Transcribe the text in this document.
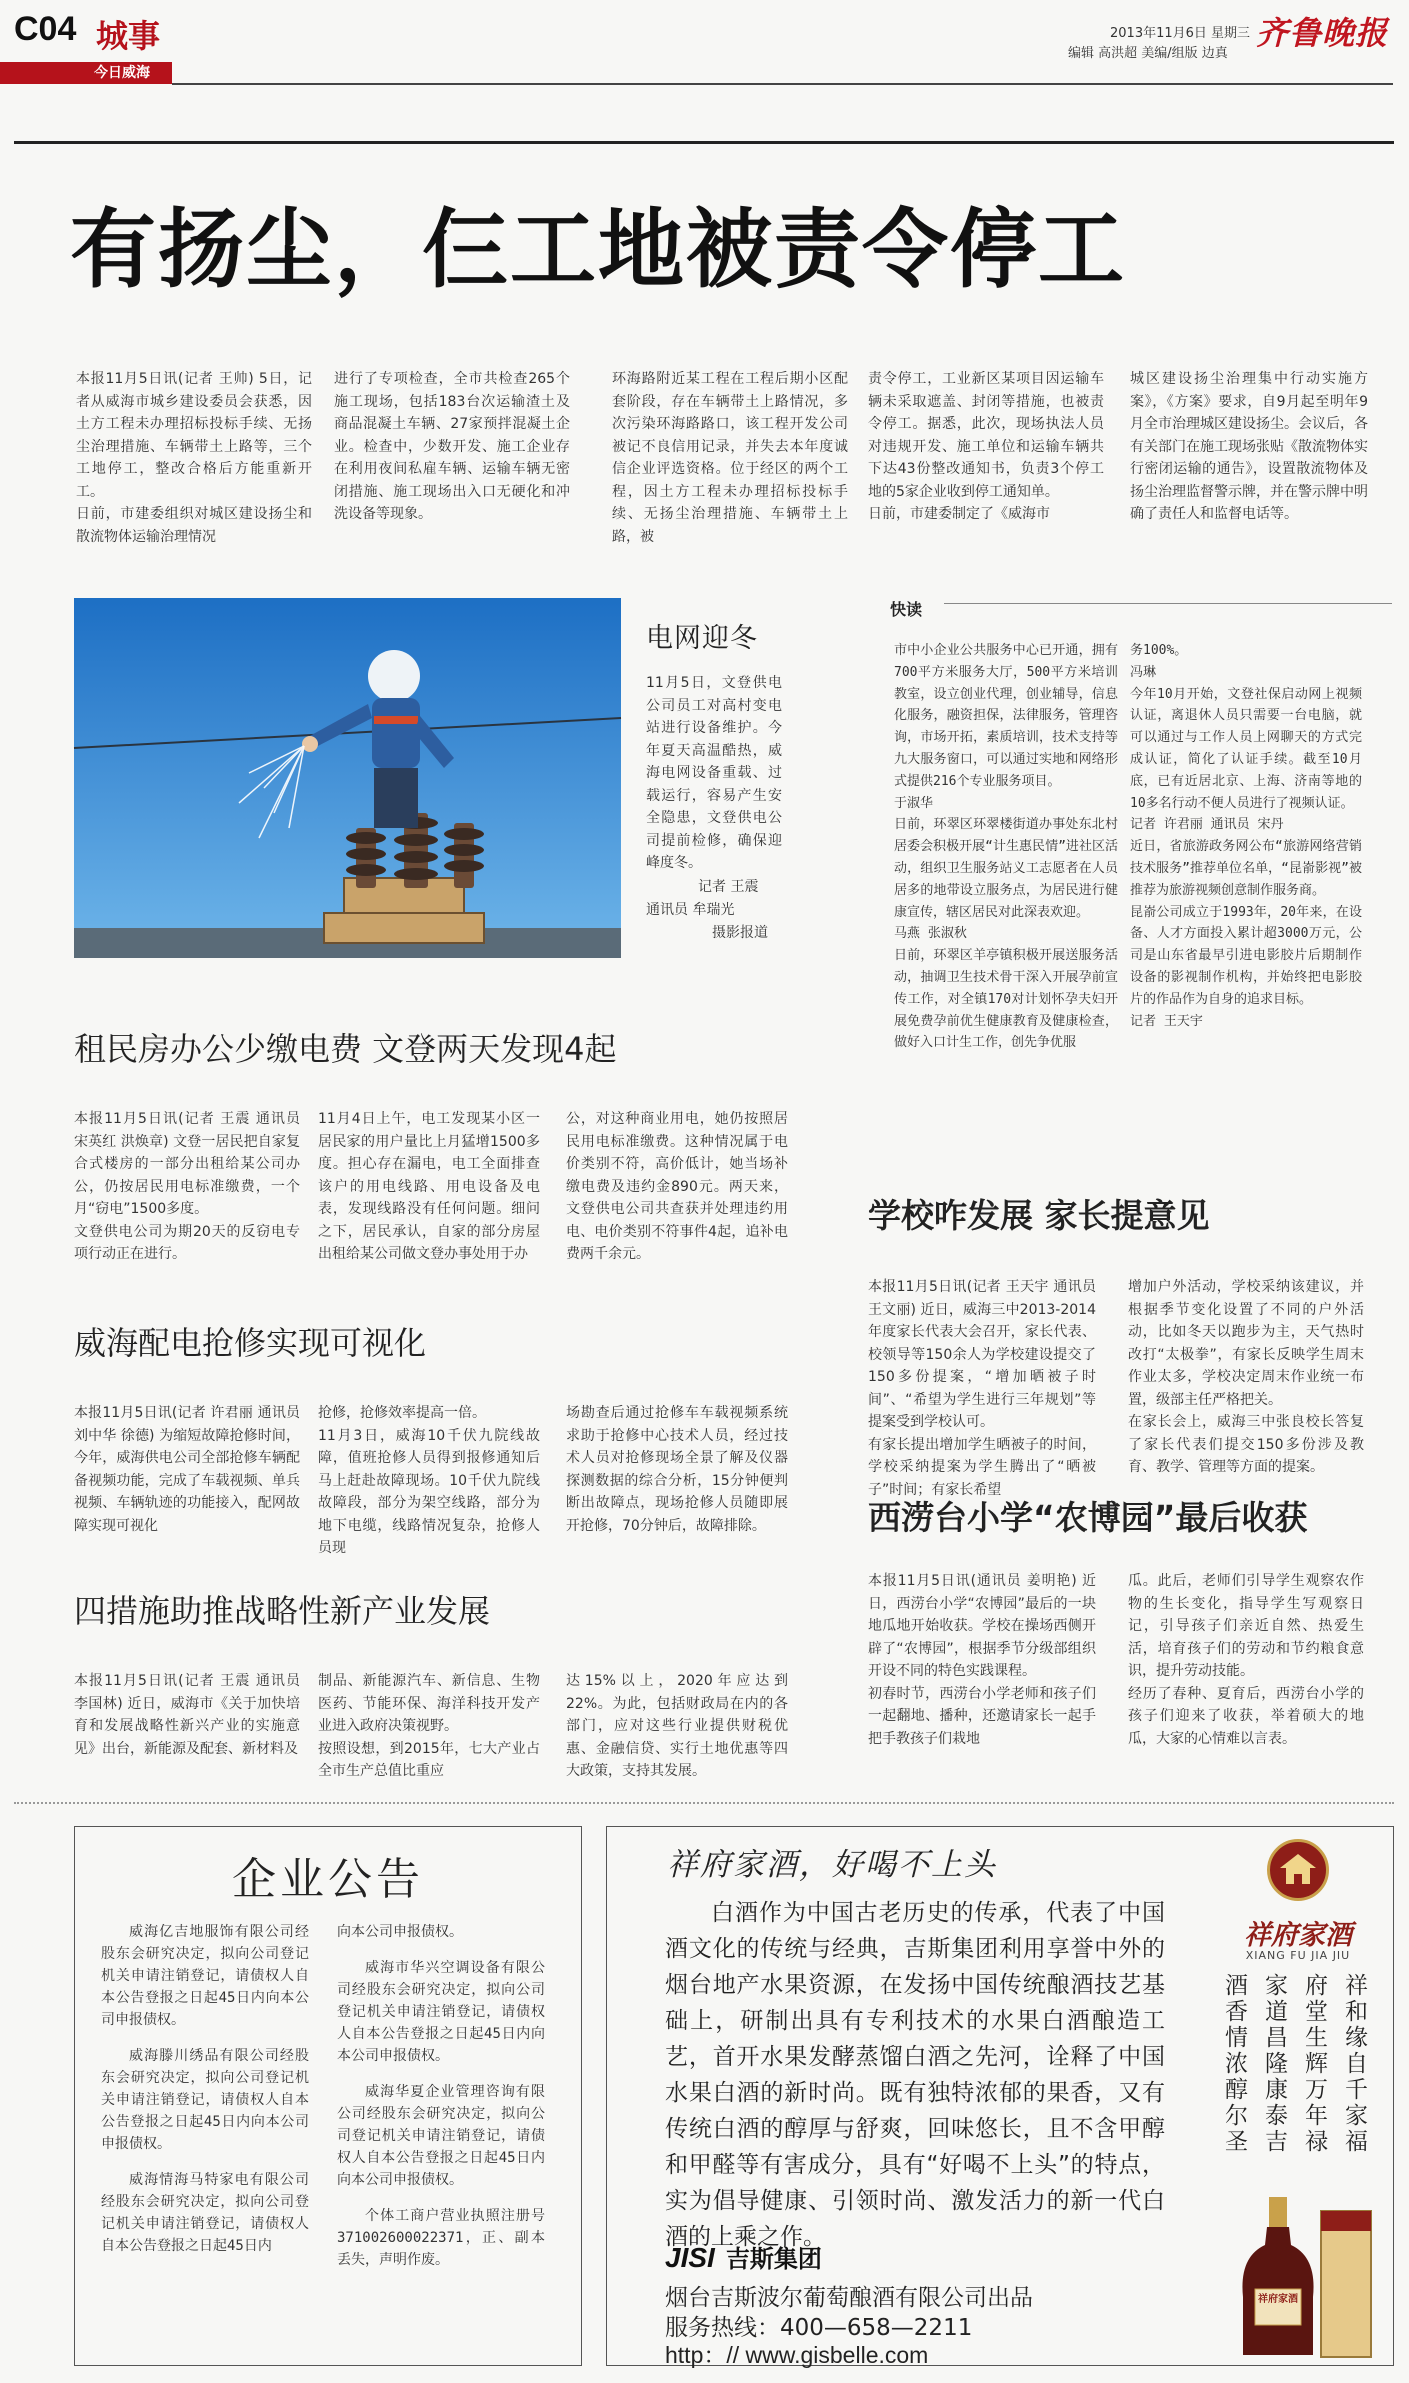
C04 城事
今日威海
2013年11月6日 星期三
编辑 高洪超 美编/组版 边真
齐鲁晚报
有扬尘，仨工地被责令停工
本报11月5日讯(记者 王帅) 5日，记者从威海市城乡建设委员会获悉，因土方工程未办理招标投标手续、无扬尘治理措施、车辆带土上路等，三个工地停工，整改合格后方能重新开工。
日前，市建委组织对城区建设扬尘和散流物体运输治理情况
进行了专项检查，全市共检查265个施工现场，包括183台次运输渣土及商品混凝土车辆、27家预拌混凝土企业。检查中，少数开发、施工企业存在利用夜间私雇车辆、运输车辆无密闭措施、施工现场出入口无硬化和冲洗设备等现象。
环海路附近某工程在工程后期小区配套阶段，存在车辆带土上路情况，多次污染环海路路口，该工程开发公司被记不良信用记录，并失去本年度诚信企业评选资格。位于经区的两个工程，因土方工程未办理招标投标手续、无扬尘治理措施、车辆带土上路，被
责令停工，工业新区某项目因运输车辆未采取遮盖、封闭等措施，也被责令停工。据悉，此次，现场执法人员对违规开发、施工单位和运输车辆共下达43份整改通知书，负责3个停工地的5家企业收到停工通知单。
日前，市建委制定了《威海市
城区建设扬尘治理集中行动实施方案》，《方案》要求，自9月起至明年9月全市治理城区建设扬尘。会议后，各有关部门在施工现场张贴《散流物体实行密闭运输的通告》，设置散流物体及扬尘治理监督警示牌，并在警示牌中明确了责任人和监督电话等。
电网迎冬
11月5日，文登供电公司员工对高村变电站进行设备维护。今年夏天高温酷热，威海电网设备重载、过载运行，容易产生安全隐患，文登供电公司提前检修，确保迎峰度冬。
记者 王震
通讯员 牟瑞光
摄影报道
租民房办公少缴电费 文登两天发现4起
本报11月5日讯(记者 王震 通讯员 宋英红 洪焕章) 文登一居民把自家复合式楼房的一部分出租给某公司办公，仍按居民用电标准缴费，一个月“窃电”1500多度。
文登供电公司为期20天的反窃电专项行动正在进行。
11月4日上午，电工发现某小区一居民家的用户量比上月猛增1500多度。担心存在漏电，电工全面排查该户的用电线路、用电设备及电表，发现线路没有任何问题。细问之下，居民承认，自家的部分房屋出租给某公司做文登办事处用于办
公，对这种商业用电，她仍按照居民用电标准缴费。这种情况属于电价类别不符，高价低计，她当场补缴电费及违约金890元。两天来，文登供电公司共查获并处理违约用电、电价类别不符事件4起，追补电费两千余元。
威海配电抢修实现可视化
本报11月5日讯(记者 许君丽 通讯员 刘中华 徐德) 为缩短故障抢修时间，今年，威海供电公司全部抢修车辆配备视频功能，完成了车载视频、单兵视频、车辆轨迹的功能接入，配网故障实现可视化
抢修，抢修效率提高一倍。
11月3日，威海10千伏九院线故障，值班抢修人员得到报修通知后马上赶赴故障现场。10千伏九院线故障段，部分为架空线路，部分为地下电缆，线路情况复杂，抢修人员现
场勘查后通过抢修车车载视频系统求助于抢修中心技术人员，经过技术人员对抢修现场全景了解及仪器探测数据的综合分析，15分钟便判断出故障点，现场抢修人员随即展开抢修，70分钟后，故障排除。
四措施助推战略性新产业发展
本报11月5日讯(记者 王震 通讯员 李国林) 近日，威海市《关于加快培育和发展战略性新兴产业的实施意见》出台，新能源及配套、新材料及
制品、新能源汽车、新信息、生物医药、节能环保、海洋科技开发产业进入政府决策视野。
按照设想，到2015年，七大产业占全市生产总值比重应
达15%以上，2020年应达到22%。为此，包括财政局在内的各部门，应对这些行业提供财税优惠、金融信贷、实行土地优惠等四大政策，支持其发展。
快读
市中小企业公共服务中心已开通，拥有700平方米服务大厅，500平方米培训教室，设立创业代理，创业辅导，信息化服务，融资担保，法律服务，管理咨询，市场开拓，素质培训，技术支持等九大服务窗口，可以通过实地和网络形式提供216个专业服务项目。
于淑华
日前，环翠区环翠楼街道办事处东北村居委会积极开展“计生惠民情”进社区活动，组织卫生服务站义工志愿者在人员居多的地带设立服务点，为居民进行健康宣传，辖区居民对此深表欢迎。
马燕 张淑秋
日前，环翠区羊亭镇积极开展送服务活动，抽调卫生技术骨干深入开展孕前宣传工作，对全镇170对计划怀孕夫妇开展免费孕前优生健康教育及健康检查，做好入口计生工作，创先争优服
务100%。
冯琳
今年10月开始，文登社保启动网上视频认证，离退休人员只需要一台电脑，就可以通过与工作人员上网聊天的方式完成认证，简化了认证手续。截至10月底，已有近居北京、上海、济南等地的10多名行动不便人员进行了视频认证。
记者 许君丽 通讯员 宋丹
近日，省旅游政务网公布“旅游网络营销技术服务”推荐单位名单，“昆嵛影视”被推荐为旅游视频创意制作服务商。
昆嵛公司成立于1993年，20年来，在设备、人才方面投入累计超3000万元，公司是山东省最早引进电影胶片后期制作设备的影视制作机构，并始终把电影胶片的作品作为自身的追求目标。
记者 王天宇
学校咋发展 家长提意见
本报11月5日讯(记者 王天宇 通讯员 王文丽) 近日，威海三中2013-2014年度家长代表大会召开，家长代表、校领导等150余人为学校建设提交了150多份提案，“增加晒被子时间”、“希望为学生进行三年规划”等提案受到学校认可。
有家长提出增加学生晒被子的时间，学校采纳提案为学生腾出了“晒被子”时间；有家长希望
增加户外活动，学校采纳该建议，并根据季节变化设置了不同的户外活动，比如冬天以跑步为主，天气热时改打“太极拳”，有家长反映学生周末作业太多，学校决定周末作业统一布置，级部主任严格把关。
在家长会上，威海三中张良校长答复了家长代表们提交150多份涉及教育、教学、管理等方面的提案。
西涝台小学“农博园”最后收获
本报11月5日讯(通讯员 姜明艳) 近日，西涝台小学“农博园”最后的一块地瓜地开始收获。学校在操场西侧开辟了“农博园”，根据季节分级部组织开设不同的特色实践课程。
初春时节，西涝台小学老师和孩子们一起翻地、播种，还邀请家长一起手把手教孩子们栽地
瓜。此后，老师们引导学生观察农作物的生长变化，指导学生写观察日记，引导孩子们亲近自然、热爱生活，培育孩子们的劳动和节约粮食意识，提升劳动技能。
经历了春种、夏育后，西涝台小学的孩子们迎来了收获，举着硕大的地瓜，大家的心情难以言表。
企业公告

威海亿吉地服饰有限公司经股东会研究决定，拟向公司登记机关申请注销登记，请债权人自本公告登报之日起45日内向本公司申报债权。

威海滕川绣品有限公司经股东会研究决定，拟向公司登记机关申请注销登记，请债权人自本公告登报之日起45日内向本公司申报债权。

威海情海马特家电有限公司经股东会研究决定，拟向公司登记机关申请注销登记，请债权人自本公告登报之日起45日内

向本公司申报债权。

威海市华兴空调设备有限公司经股东会研究决定，拟向公司登记机关申请注销登记，请债权人自本公告登报之日起45日内向本公司申报债权。

威海华夏企业管理咨询有限公司经股东会研究决定，拟向公司登记机关申请注销登记，请债权人自本公告登报之日起45日内向本公司申报债权。

个体工商户营业执照注册号371002600022371，正、副本丢失，声明作废。

祥府家酒，好喝不上头
白酒作为中国古老历史的传承，代表了中国酒文化的传统与经典，吉斯集团利用享誉中外的烟台地产水果资源，在发扬中国传统酿酒技艺基础上，研制出具有专利技术的水果白酒酿造工艺，首开水果发酵蒸馏白酒之先河，诠释了中国水果白酒的新时尚。既有独特浓郁的果香，又有传统白酒的醇厚与舒爽，回味悠长，且不含甲醇和甲醛等有害成分，具有“好喝不上头”的特点，实为倡导健康、引领时尚、激发活力的新一代白酒的上乘之作。
JISI 吉斯集团
烟台吉斯波尔葡萄酿酒有限公司出品
服务热线：400—658—2211
http：// www.gisbelle.com
祥府家酒
XIANG FU JIA JIU
祥和缘自千家福
府堂生辉万年禄
家道昌隆康泰吉
酒香情浓醇尔圣
祥府家酒
